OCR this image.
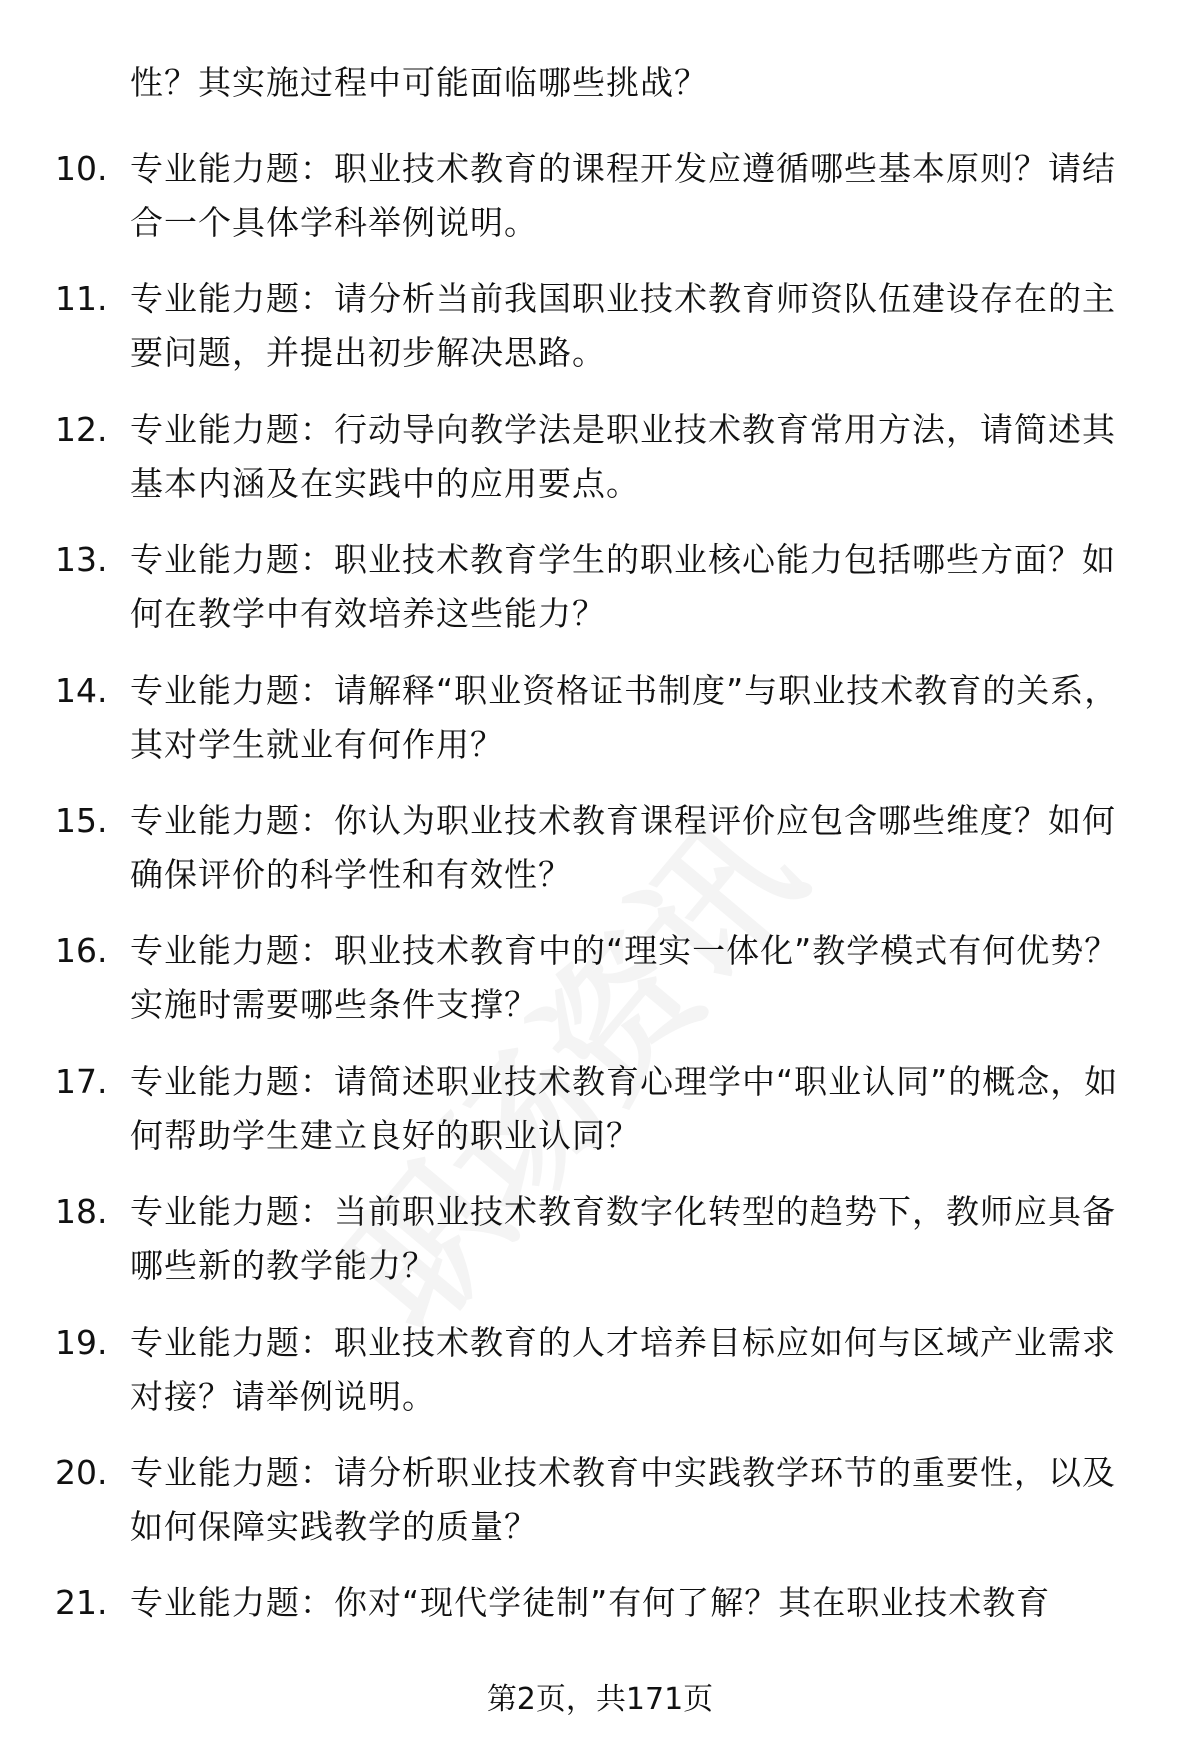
性？其实施过程中可能面临哪些挑战？
10. 专业能力题：职业技术教育的课程开发应遵循哪些基本原则？请结合一个具体学科举例说明。
11. 专业能力题：请分析当前我国职业技术教育师资队伍建设存在的主要问题，并提出初步解决思路。
12. 专业能力题：行动导向教学法是职业技术教育常用方法，请简述其基本内涵及在实践中的应用要点。
13. 专业能力题：职业技术教育学生的职业核心能力包括哪些方面？如何在教学中有效培养这些能力？
14. 专业能力题：请解释“职业资格证书制度”与职业技术教育的关系，其对学生就业有何作用？
15. 专业能力题：你认为职业技术教育课程评价应包含哪些维度？如何确保评价的科学性和有效性？
16. 专业能力题：职业技术教育中的“理实一体化”教学模式有何优势？实施时需要哪些条件支撑？
17. 专业能力题：请简述职业技术教育心理学中“职业认同”的概念，如何帮助学生建立良好的职业认同？
18. 专业能力题：当前职业技术教育数字化转型的趋势下，教师应具备哪些新的教学能力？
19. 专业能力题：职业技术教育的人才培养目标应如何与区域产业需求对接？请举例说明。
20. 专业能力题：请分析职业技术教育中实践教学环节的重要性，以及如何保障实践教学的质量？
21. 专业能力题：你对“现代学徒制”有何了解？其在职业技术教育
第2页，共171页
